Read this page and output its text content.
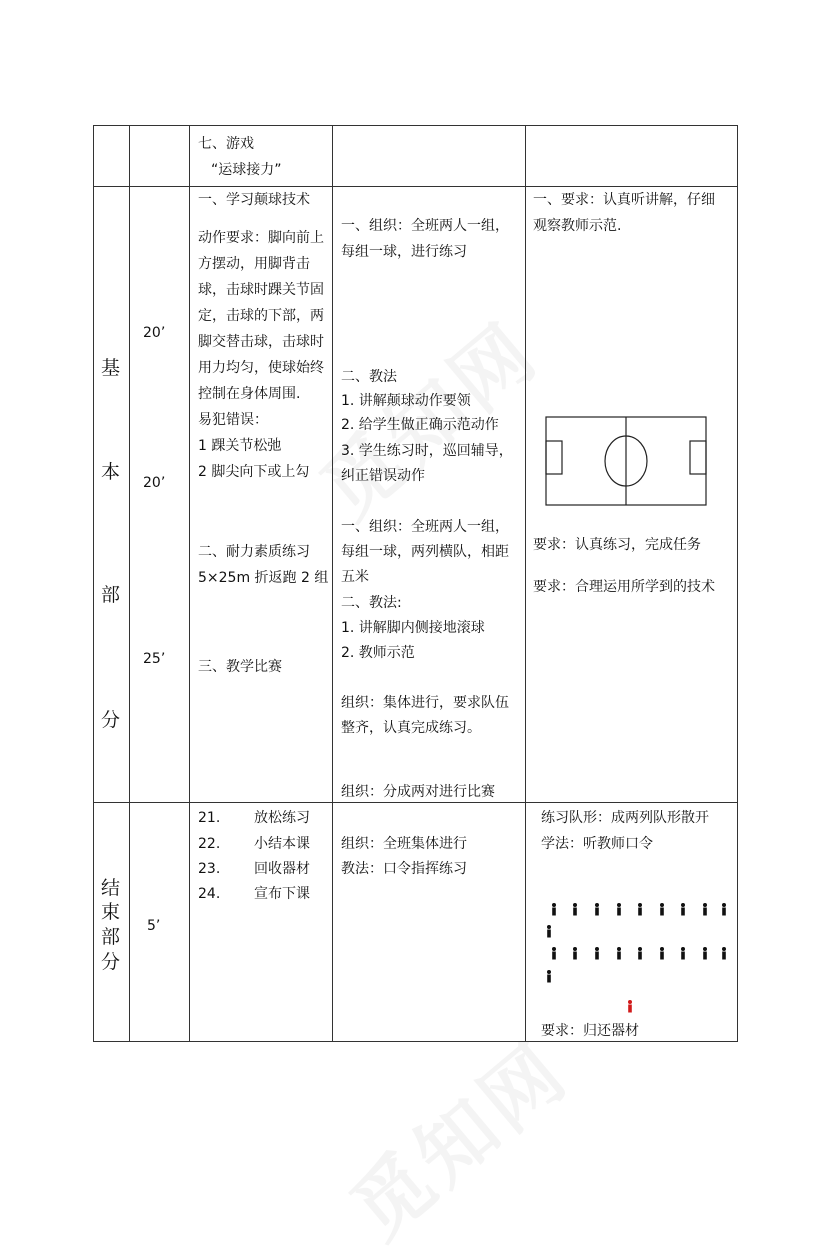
七、游戏
“运球接力”
基
本
部
分
20’
20’
25’
一、学习颠球技术
动作要求：脚向前上
方摆动，用脚背击
球，击球时踝关节固
定，击球的下部，两
脚交替击球，击球时
用力均匀，使球始终
控制在身体周围.
易犯错误：
1 踝关节松弛
2 脚尖向下或上勾
二、耐力素质练习
5×25m 折返跑 2 组
三、教学比赛
一、组织：全班两人一组，
每组一球，进行练习
二、教法
1. 讲解颠球动作要领
2. 给学生做正确示范动作
3. 学生练习时，巡回辅导，
纠正错误动作
一、组织：全班两人一组，
每组一球，两列横队，相距
五米
二、教法:
1. 讲解脚内侧接地滚球
2. 教师示范
组织：集体进行，要求队伍
整齐，认真完成练习。
组织：分成两对进行比赛
一、要求：认真听讲解，仔细
观察教师示范.
要求：认真练习，完成任务
要求：合理运用所学到的技术
结
束
部
分
5’
21. 放松练习
22. 小结本课
23. 回收器材
24. 宣布下课
组织：全班集体进行
教法：口令指挥练习
练习队形：成两列队形散开
学法：听教师口令
要求：归还器材
